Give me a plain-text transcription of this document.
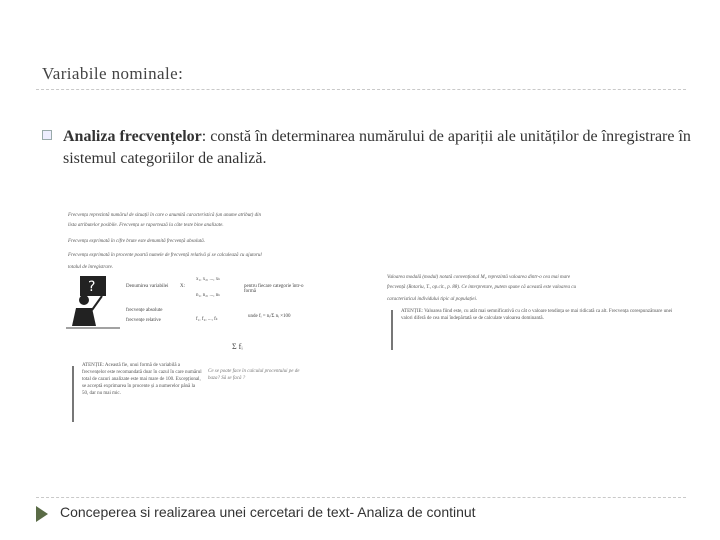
Variabile nominale:
Analiza frecvențelor: constă în determinarea numărului de apariții ale unităților de înregistrare în sistemul categoriilor de analiză.
Frecvența reprezintă numărul de situații în care o anumită caracteristică (un anume atribut) din
lista atributelor posibile. Frecvența se raportează la câte teste bine analizate.
Frecvența exprimată în cifre brute este denumită frecvență absolută.
Frecvența exprimată în procente poartă numele de frecvență relativă și se calculează cu ajutorul
totalul de înregistrare.
?	Denumirea variabilei X:
x₁, x₂, ..., xₖ
pentru fiecare categorie într-o formă
n₁, n₂, ..., nₖ
frecvențe absolute
frecvențe relative	f₁, f₂, ..., fₖ
unde fᵢ = nᵢ/Σ nᵢ ×100
Σ fᵢ
ATENȚIE: Această fie, unui formă de variabilă a frecvențelor este recomandată doar în cazul în care numărul total de cazuri analizate este mai mare de 100. Excepțional, se acceptă exprimarea în procente și a numerelor până la 50, dar nu mai mic.
Ce se poate face în calculul procentului pe de baza? Să se facă ?
Valoarea modală (modul) notată convențional M₀ reprezintă valoarea dintr-o cea mai mare
frecvență (Rotariu, T., op.cit., p. 88). Ce interpretare, putem spune că această este valoarea cu
caracteristicul individului tipic al populației.
ATENȚIE: Valoarea fiind este, cu atât mai semnificativă cu cât o valoare tendința se mai ridicată ca alt. Frecvența corespunzătoare unei valori diferă de cea mai îndepărtată se de calculate valoarea dominantă.
Conceperea si realizarea unei cercetari de text- Analiza de continut
